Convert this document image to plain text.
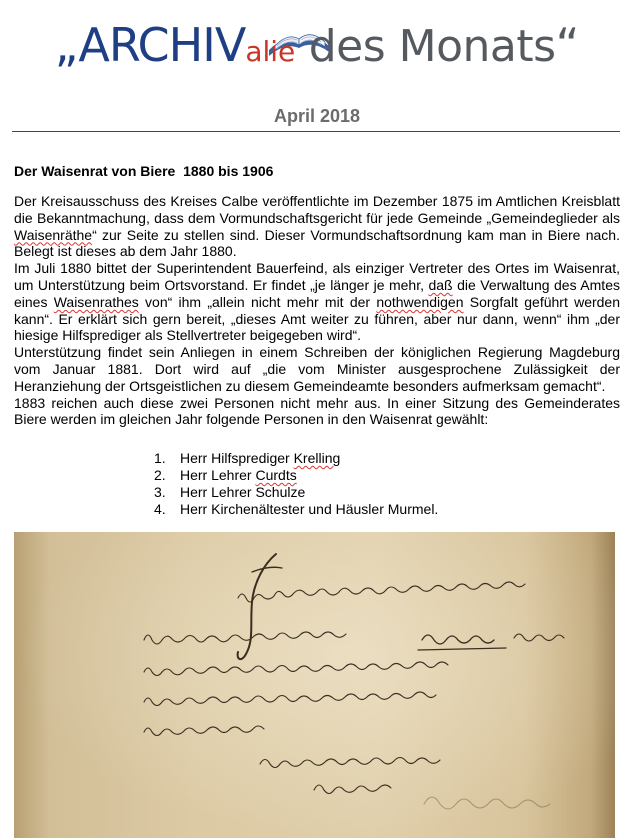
„ARCHIValie des Monats“
April 2018
Der Waisenrat von Biere  1880 bis 1906

Der Kreisausschuss des Kreises Calbe veröffentlichte im Dezember 1875 im Amtlichen Kreisblatt die Bekanntmachung, dass dem Vormundschaftsgericht für jede Gemeinde „Gemeindeglieder als Waisenräthe“ zur Seite zu stellen sind. Dieser Vormundschaftsordnung kam man in Biere nach. Belegt ist dieses ab dem Jahr 1880.

Im Juli 1880 bittet der Superintendent Bauerfeind, als einziger Vertreter des Ortes im Waisenrat, um Unterstützung beim Ortsvorstand. Er findet „je länger je mehr, daß die Verwaltung des Amtes eines Waisenrathes von“ ihm „allein nicht mehr mit der nothwendigen Sorgfalt geführt werden kann“. Er erklärt sich gern bereit, „dieses Amt weiter zu führen, aber nur dann, wenn“ ihm „der hiesige Hilfsprediger als Stellvertreter beigegeben wird“.

Unterstützung findet sein Anliegen in einem Schreiben der königlichen Regierung Magdeburg vom Januar 1881. Dort wird auf „die vom Minister ausgesprochene Zulässigkeit der Heranziehung der Ortsgeistlichen zu diesem Gemeindeamte besonders aufmerksam gemacht“.

1883 reichen auch diese zwei Personen nicht mehr aus. In einer Sitzung des Gemeinderates Biere werden im gleichen Jahr folgende Personen in den Waisenrat gewählt:

1.	Herr Hilfsprediger Krelling
2.	Herr Lehrer Curdts
3.	Herr Lehrer Schulze
4.	Herr Kirchenältester und Häusler Murmel.
